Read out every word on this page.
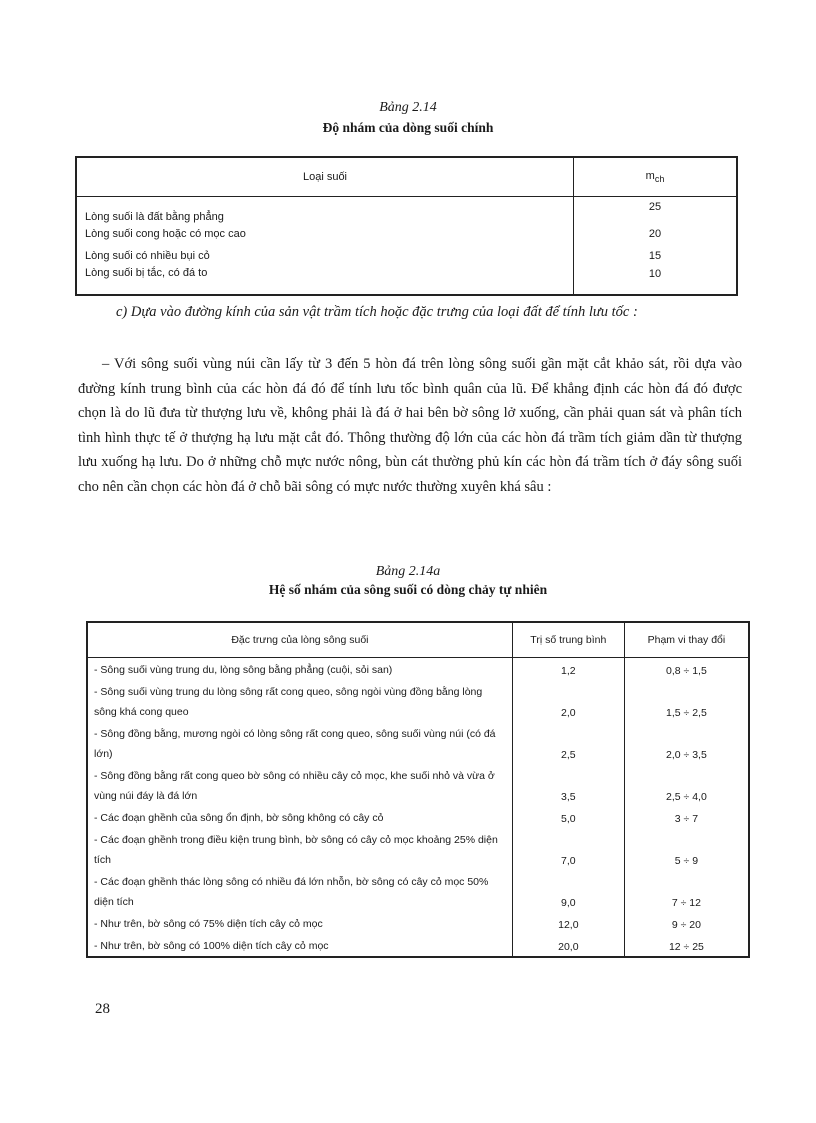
Bảng 2.14
Độ nhám của dòng suối chính
Loại suối	$m_{ch}$
Lòng suối là đất bằng phẳng	25
Lòng suối cong hoặc có mọc cao	20
Lòng suối có nhiều bụi cỏ	15
Lòng suối bị tắc, có đá to	10

c) Dựa vào đường kính của sản vật trầm tích hoặc đặc trưng của loại đất để tính lưu tốc :

– Với sông suối vùng núi cần lấy từ 3 đến 5 hòn đá trên lòng sông suối gần mặt cắt khảo sát, rồi dựa vào đường kính trung bình của các hòn đá đó để tính lưu tốc bình quân của lũ. Để khẳng định các hòn đá đó được chọn là do lũ đưa từ thượng lưu về, không phải là đá ở hai bên bờ sông lở xuống, cần phải quan sát và phân tích tình hình thực tế ở thượng hạ lưu mặt cắt đó. Thông thường độ lớn của các hòn đá trầm tích giảm dần từ thượng lưu xuống hạ lưu. Do ở những chỗ mực nước nông, bùn cát thường phủ kín các hòn đá trầm tích ở đáy sông suối cho nên cần chọn các hòn đá ở chỗ bãi sông có mực nước thường xuyên khá sâu :

Bảng 2.14a
Hệ số nhám của sông suối có dòng chảy tự nhiên
Đặc trưng của lòng sông suối	Trị số trung bình	Phạm vi thay đổi
- Sông suối vùng trung du, lòng sông bằng phẳng (cuội, sỏi san)	1,2	0,8 ÷ 1,5
- Sông suối vùng trung du lòng sông rất cong queo, sông ngòi vùng đồng bằng lòng sông khá cong queo	2,0	1,5 ÷ 2,5
- Sông đồng bằng, mương ngòi có lòng sông rất cong queo, sông suối vùng núi (có đá lớn)	2,5	2,0 ÷ 3,5
- Sông đồng bằng rất cong queo bờ sông có nhiều cây cỏ mọc, khe suối nhỏ và vừa ở vùng núi đáy là đá lớn	3,5	2,5 ÷ 4,0
- Các đoạn ghềnh của sông ổn định, bờ sông không có cây cỏ	5,0	3 ÷ 7
- Các đoạn ghềnh trong điều kiện trung bình, bờ sông có cây cỏ mọc khoảng 25% diện tích	7,0	5 ÷ 9
- Các đoạn ghềnh thác lòng sông có nhiều đá lớn nhỗn, bờ sông có cây cỏ mọc 50% diện tích	9,0	7 ÷ 12
- Như trên, bờ sông có 75% diện tích cây cỏ mọc	12,0	9 ÷ 20
- Như trên, bờ sông có 100% diện tích cây cỏ mọc	20,0	12 ÷ 25
28
